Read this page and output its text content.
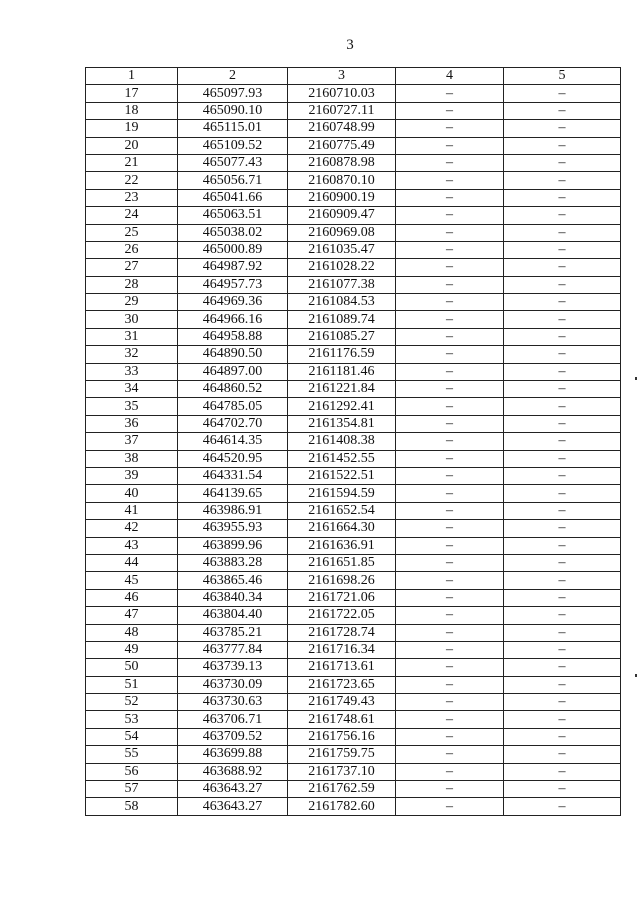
3
1	2	3	4	5
17	465097.93	2160710.03	–	–
18	465090.10	2160727.11	–	–
19	465115.01	2160748.99	–	–
20	465109.52	2160775.49	–	–
21	465077.43	2160878.98	–	–
22	465056.71	2160870.10	–	–
23	465041.66	2160900.19	–	–
24	465063.51	2160909.47	–	–
25	465038.02	2160969.08	–	–
26	465000.89	2161035.47	–	–
27	464987.92	2161028.22	–	–
28	464957.73	2161077.38	–	–
29	464969.36	2161084.53	–	–
30	464966.16	2161089.74	–	–
31	464958.88	2161085.27	–	–
32	464890.50	2161176.59	–	–
33	464897.00	2161181.46	–	–
34	464860.52	2161221.84	–	–
35	464785.05	2161292.41	–	–
36	464702.70	2161354.81	–	–
37	464614.35	2161408.38	–	–
38	464520.95	2161452.55	–	–
39	464331.54	2161522.51	–	–
40	464139.65	2161594.59	–	–
41	463986.91	2161652.54	–	–
42	463955.93	2161664.30	–	–
43	463899.96	2161636.91	–	–
44	463883.28	2161651.85	–	–
45	463865.46	2161698.26	–	–
46	463840.34	2161721.06	–	–
47	463804.40	2161722.05	–	–
48	463785.21	2161728.74	–	–
49	463777.84	2161716.34	–	–
50	463739.13	2161713.61	–	–
51	463730.09	2161723.65	–	–
52	463730.63	2161749.43	–	–
53	463706.71	2161748.61	–	–
54	463709.52	2161756.16	–	–
55	463699.88	2161759.75	–	–
56	463688.92	2161737.10	–	–
57	463643.27	2161762.59	–	–
58	463643.27	2161782.60	–	–
